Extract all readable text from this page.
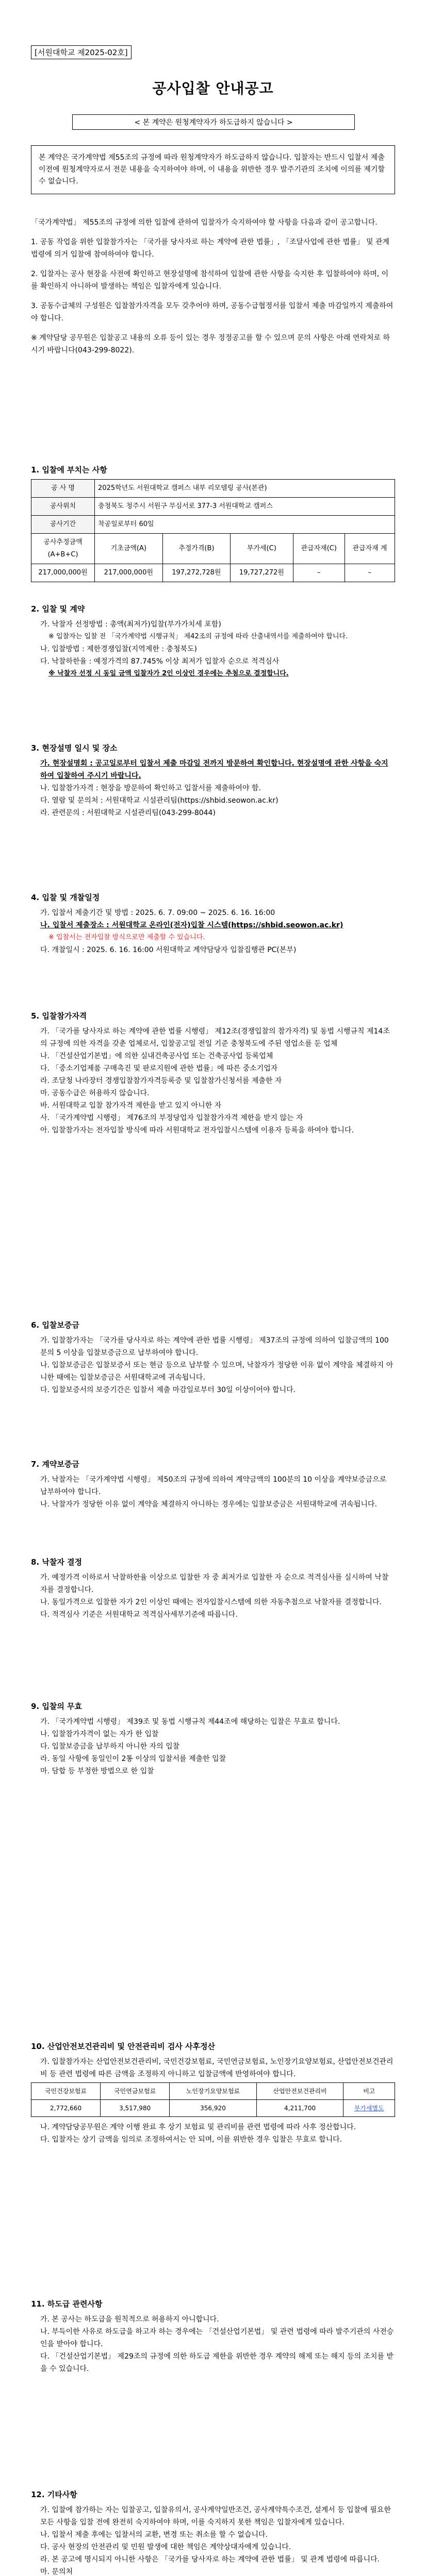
[서원대학교 제2025-02호]
공사입찰 안내공고
< 본 계약은 원청계약자가 하도급하지 않습니다 >
본 계약은 국가계약법 제55조의 규정에 따라 원청계약자가 하도급하지 않습니다. 입찰자는 반드시 입찰서 제출 이전에 원청계약자로서 전문 내용을 숙지하여야 하며, 이 내용을 위반한 경우 발주기관의 조치에 이의를 제기할 수 없습니다.

「국가계약법」 제55조의 규정에 의한 입찰에 관하여 입찰자가 숙지하여야 할 사항을 다음과 같이 공고합니다.

1. 공동 작업을 위한 입찰참가자는 「국가를 당사자로 하는 계약에 관한 법률」, 「조달사업에 관한 법률」 및 관계법령에 의거 입찰에 참여하여야 합니다.

2. 입찰자는 공사 현장을 사전에 확인하고 현장설명에 참석하여 입찰에 관한 사항을 숙지한 후 입찰하여야 하며, 이를 확인하지 아니하여 발생하는 책임은 입찰자에게 있습니다.

3. 공동수급체의 구성원은 입찰참가자격을 모두 갖추어야 하며, 공동수급협정서를 입찰서 제출 마감일까지 제출하여야 합니다.

※ 계약담당 공무원은 입찰공고 내용의 오류 등이 있는 경우 정정공고를 할 수 있으며 문의 사항은 아래 연락처로 하시기 바랍니다(043-299-8022).

1. 입찰에 부치는 사항
공 사 명	2025학년도 서원대학교 캠퍼스 내부 리모델링 공사(본관)				
공사위치	충청북도 청주시 서원구 무심서로 377-3 서원대학교 캠퍼스				
공사기간	착공일로부터 60일				
공사추정금액(A+B+C)	기초금액(A)	추정가격(B)	부가세(C)	관급자재(C)	관급자재 계
217,000,000원	217,000,000원	197,272,728원	19,727,272원	–	–
2. 입찰 및 계약
가. 낙찰자 선정방법 : 총액(최저가)입찰(부가가치세 포함)
※ 입찰자는 입찰 전 「국가계약법 시행규칙」 제42조의 규정에 따라 산출내역서를 제출하여야 합니다.
나. 입찰방법 : 제한경쟁입찰(지역제한 : 충청북도)
다. 낙찰하한율 : 예정가격의 87.745% 이상 최저가 입찰자 순으로 적격심사
※ 낙찰자 선정 시 동일 금액 입찰자가 2인 이상인 경우에는 추첨으로 결정합니다.
3. 현장설명 일시 및 장소
가. 현장설명회 : 공고일로부터 입찰서 제출 마감일 전까지 방문하여 확인합니다. 현장설명에 관한 사항을 숙지하여 입찰하여 주시기 바랍니다.
나. 입찰참가자격 : 현장을 방문하여 확인하고 입찰서를 제출하여야 함.
다. 열람 및 문의처 : 서원대학교 시설관리팀(https://shbid.seowon.ac.kr)
라. 관련문의 : 서원대학교 시설관리팀(043-299-8044)
4. 입찰 및 개찰일정
가. 입찰서 제출기간 및 방법 : 2025. 6. 7. 09:00 ~ 2025. 6. 16. 16:00
나. 입찰서 제출장소 : 서원대학교 온라인(전자)입찰 시스템(https://shbid.seowon.ac.kr)
※ 입찰서는 전자입찰 방식으로만 제출할 수 있습니다.
다. 개찰일시 : 2025. 6. 16. 16:00 서원대학교 계약담당자 입찰집행관 PC(본부)
5. 입찰참가자격
가. 「국가를 당사자로 하는 계약에 관한 법률 시행령」 제12조(경쟁입찰의 참가자격) 및 동법 시행규칙 제14조의 규정에 의한 자격을 갖춘 업체로서, 입찰공고일 전일 기준 충청북도에 주된 영업소를 둔 업체
나. 「건설산업기본법」에 의한 실내건축공사업 또는 건축공사업 등록업체
다. 「중소기업제품 구매촉진 및 판로지원에 관한 법률」에 따른 중소기업자
라. 조달청 나라장터 경쟁입찰참가자격등록증 및 입찰참가신청서를 제출한 자
마. 공동수급은 허용하지 않습니다.
바. 서원대학교 입찰 참가자격 제한을 받고 있지 아니한 자
사. 「국가계약법 시행령」 제76조의 부정당업자 입찰참가자격 제한을 받지 않는 자
아. 입찰참가자는 전자입찰 방식에 따라 서원대학교 전자입찰시스템에 이용자 등록을 하여야 합니다.
6. 입찰보증금
가. 입찰참가자는 「국가를 당사자로 하는 계약에 관한 법률 시행령」 제37조의 규정에 의하여 입찰금액의 100분의 5 이상을 입찰보증금으로 납부하여야 합니다.
나. 입찰보증금은 입찰보증서 또는 현금 등으로 납부할 수 있으며, 낙찰자가 정당한 이유 없이 계약을 체결하지 아니한 때에는 입찰보증금은 서원대학교에 귀속됩니다.
다. 입찰보증서의 보증기간은 입찰서 제출 마감일로부터 30일 이상이어야 합니다.
7. 계약보증금
가. 낙찰자는 「국가계약법 시행령」 제50조의 규정에 의하여 계약금액의 100분의 10 이상을 계약보증금으로 납부하여야 합니다.
나. 낙찰자가 정당한 이유 없이 계약을 체결하지 아니하는 경우에는 입찰보증금은 서원대학교에 귀속됩니다.
8. 낙찰자 결정
가. 예정가격 이하로서 낙찰하한율 이상으로 입찰한 자 중 최저가로 입찰한 자 순으로 적격심사를 실시하여 낙찰자를 결정합니다.
나. 동일가격으로 입찰한 자가 2인 이상인 때에는 전자입찰시스템에 의한 자동추첨으로 낙찰자를 결정합니다.
다. 적격심사 기준은 서원대학교 적격심사세부기준에 따릅니다.
9. 입찰의 무효
가. 「국가계약법 시행령」 제39조 및 동법 시행규칙 제44조에 해당하는 입찰은 무효로 합니다.
나. 입찰참가자격이 없는 자가 한 입찰
다. 입찰보증금을 납부하지 아니한 자의 입찰
라. 동일 사항에 동일인이 2통 이상의 입찰서를 제출한 입찰
마. 담합 등 부정한 방법으로 한 입찰
10. 산업안전보건관리비 및 안전관리비 검사 사후정산
가. 입찰참가자는 산업안전보건관리비, 국민건강보험료, 국민연금보험료, 노인장기요양보험료, 산업안전보건관리비 등 관련 법령에 따른 금액을 조정하지 아니하고 입찰금액에 반영하여야 합니다.
국민건강보험료	국민연금보험료	노인장기요양보험료	산업안전보건관리비	비고
2,772,660	3,517,980	356,920	4,211,700	부가세별도
나. 계약담당공무원은 계약 이행 완료 후 상기 보험료 및 관리비를 관련 법령에 따라 사후 정산합니다.
다. 입찰자는 상기 금액을 임의로 조정하여서는 안 되며, 이를 위반한 경우 입찰은 무효로 합니다.
11. 하도급 관련사항
가. 본 공사는 하도급을 원칙적으로 허용하지 아니합니다.
나. 부득이한 사유로 하도급을 하고자 하는 경우에는 「건설산업기본법」 및 관련 법령에 따라 발주기관의 사전승인을 받아야 합니다.
다. 「건설산업기본법」 제29조의 규정에 의한 하도급 제한을 위반한 경우 계약의 해제 또는 해지 등의 조치를 받을 수 있습니다.
12. 기타사항
가. 입찰에 참가하는 자는 입찰공고, 입찰유의서, 공사계약일반조건, 공사계약특수조건, 설계서 등 입찰에 필요한 모든 사항을 입찰 전에 완전히 숙지하여야 하며, 이를 숙지하지 못한 책임은 입찰자에게 있습니다.
나. 입찰서 제출 후에는 입찰서의 교환, 변경 또는 취소를 할 수 없습니다.
다. 공사 현장의 안전관리 및 민원 발생에 대한 책임은 계약상대자에게 있습니다.
라. 본 공고에 명시되지 아니한 사항은 「국가를 당사자로 하는 계약에 관한 법률」 및 관계 법령에 따릅니다.
마. 문의처
